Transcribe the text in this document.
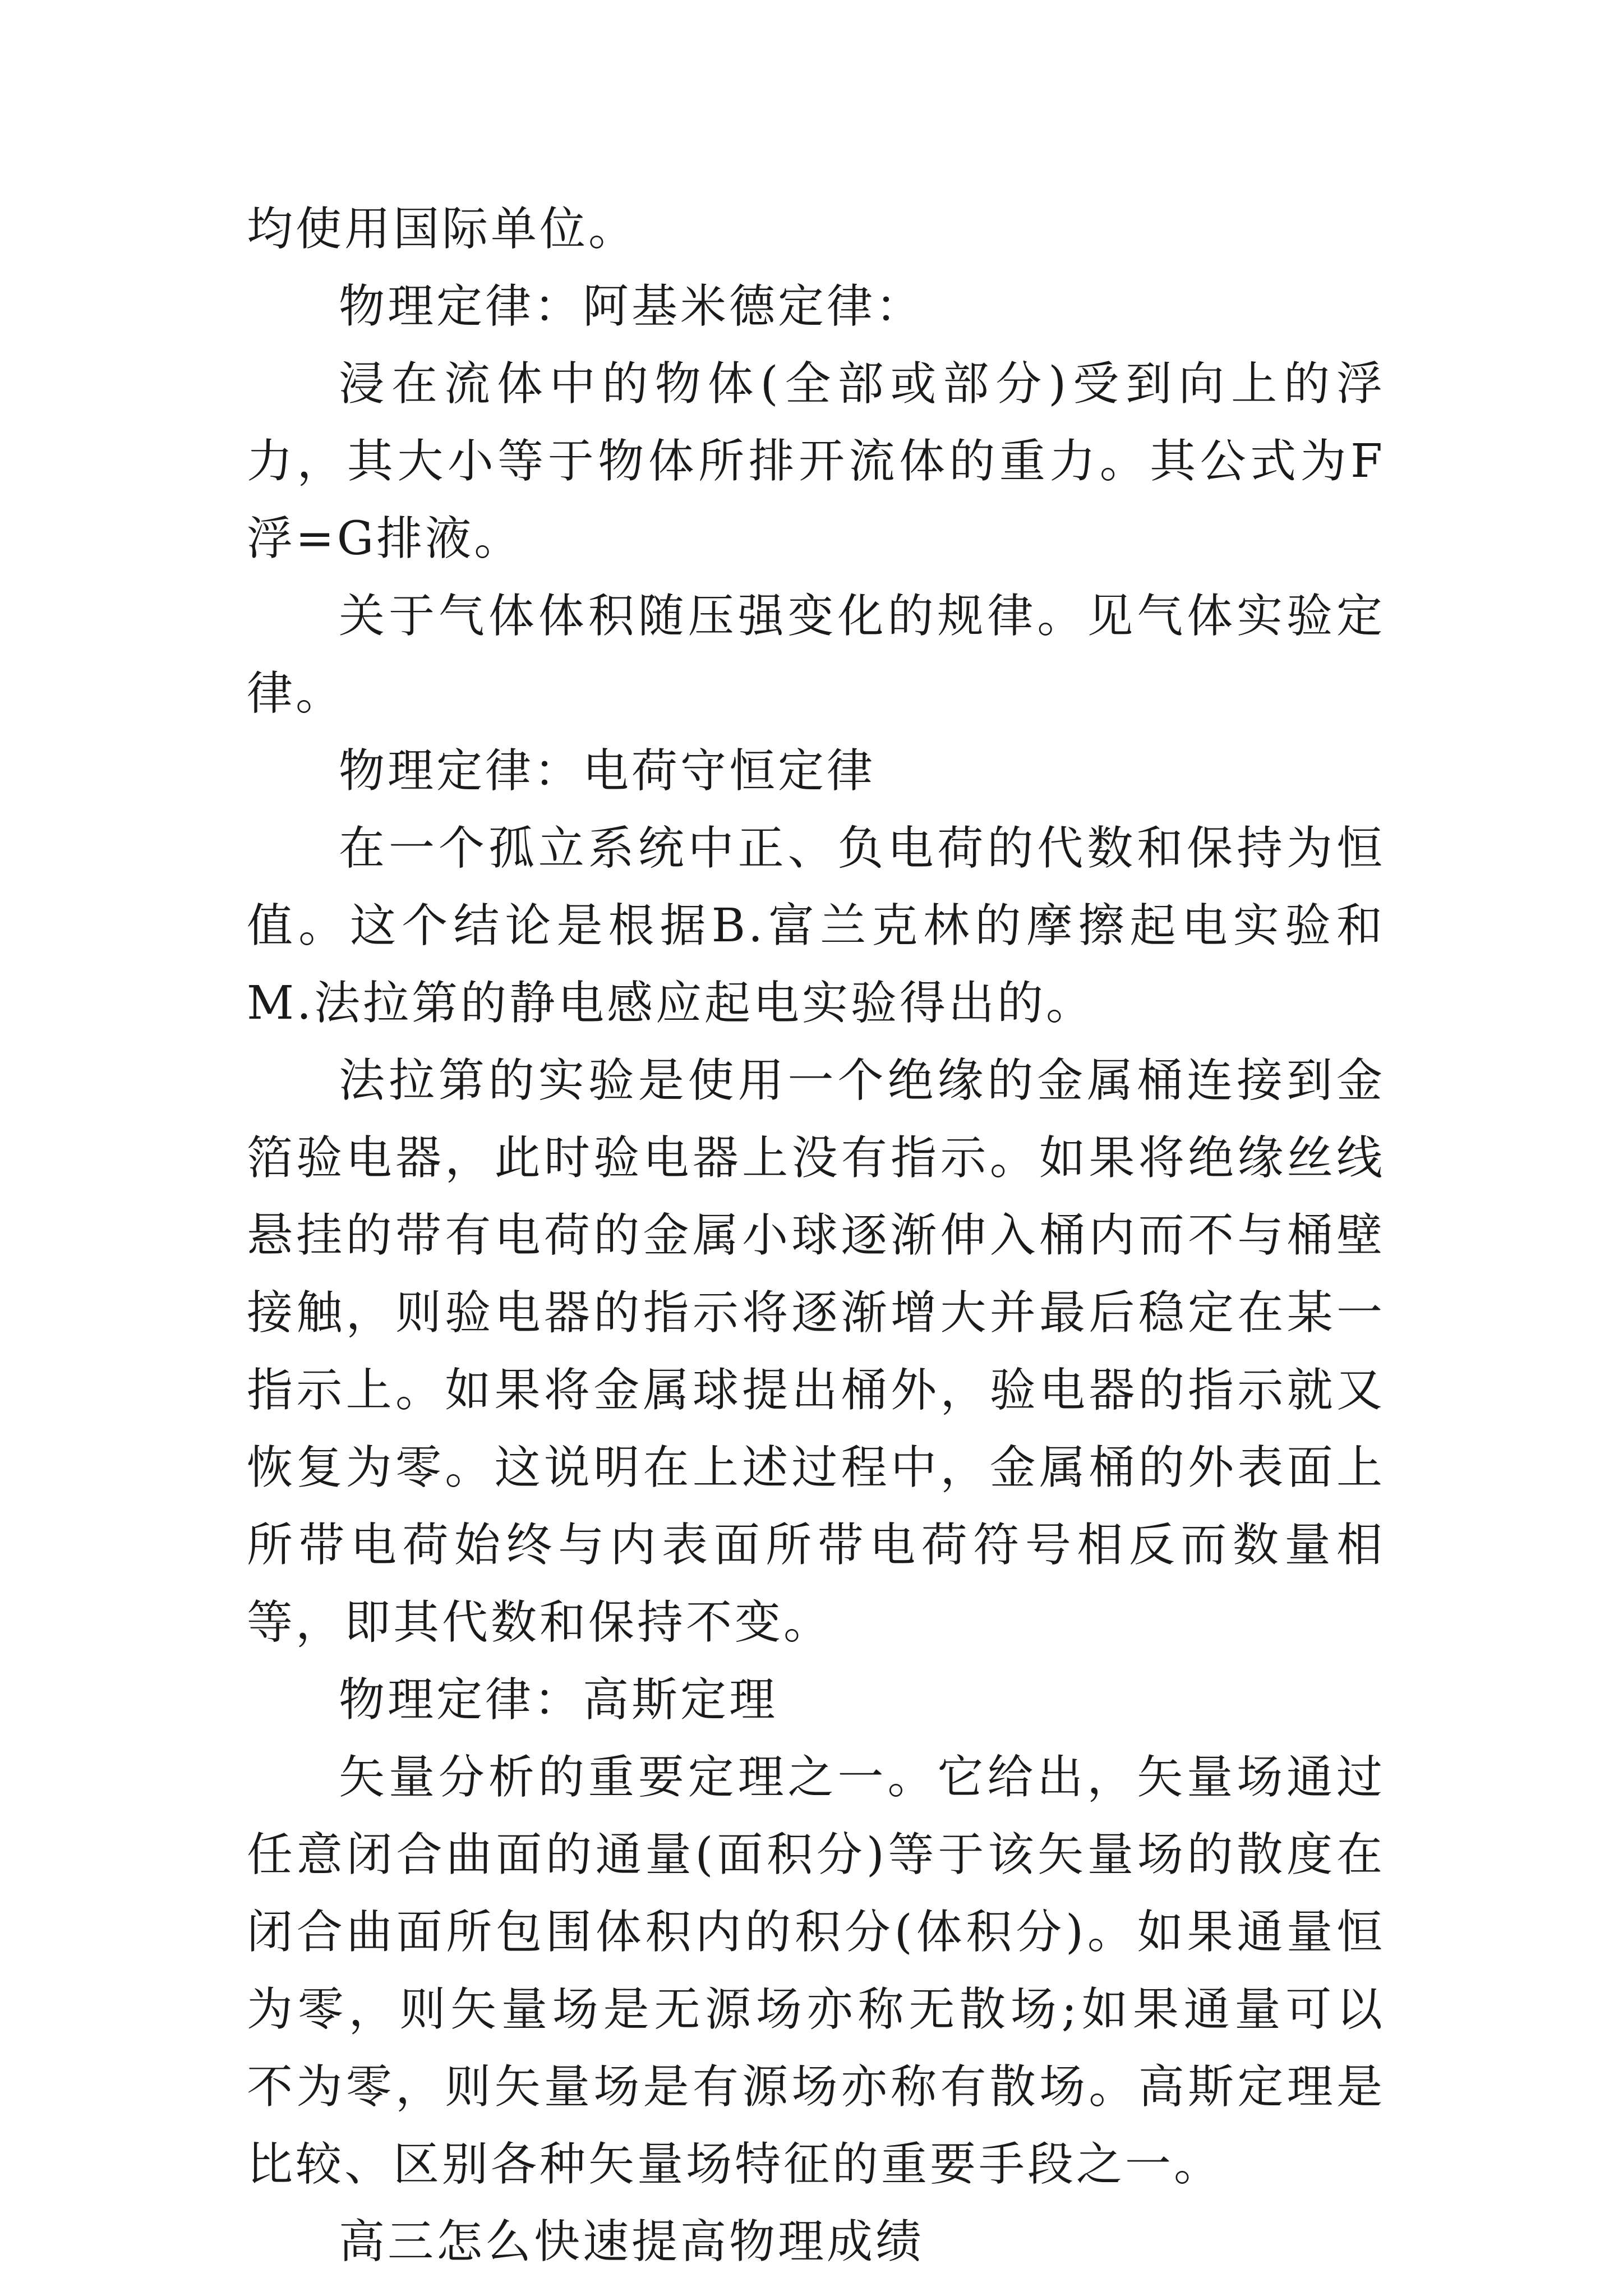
均使用国际单位。

物理定律：阿基米德定律：

浸在流体中的物体(全部或部分)受到向上的浮力，其大小等于物体所排开流体的重力。其公式为F浮=G排液。

关于气体体积随压强变化的规律。见气体实验定律。

物理定律：电荷守恒定律

在一个孤立系统中正、负电荷的代数和保持为恒值。这个结论是根据B.富兰克林的摩擦起电实验和M.法拉第的静电感应起电实验得出的。

法拉第的实验是使用一个绝缘的金属桶连接到金箔验电器，此时验电器上没有指示。如果将绝缘丝线悬挂的带有电荷的金属小球逐渐伸入桶内而不与桶壁接触，则验电器的指示将逐渐增大并最后稳定在某一指示上。如果将金属球提出桶外，验电器的指示就又恢复为零。这说明在上述过程中，金属桶的外表面上所带电荷始终与内表面所带电荷符号相反而数量相等，即其代数和保持不变。

物理定律：高斯定理

矢量分析的重要定理之一。它给出，矢量场通过任意闭合曲面的通量(面积分)等于该矢量场的散度在闭合曲面所包围体积内的积分(体积分)。如果通量恒为零，则矢量场是无源场亦称无散场;如果通量可以不为零，则矢量场是有源场亦称有散场。高斯定理是比较、区别各种矢量场特征的重要手段之一。

高三怎么快速提高物理成绩
